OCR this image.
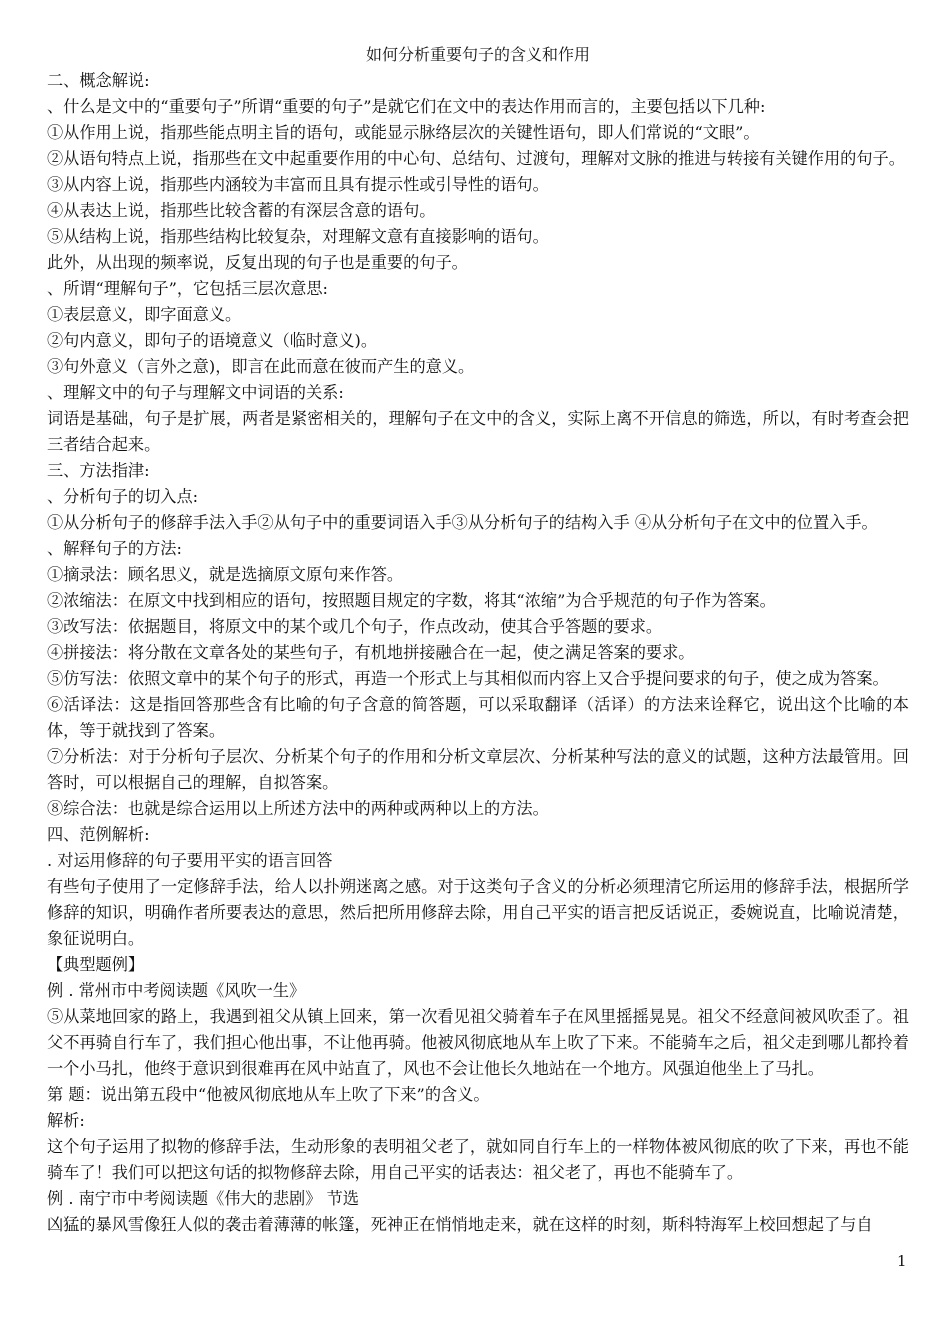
如何分析重要句子的含义和作用
二、概念解说:
、什么是文中的“重要句子”所谓“重要的句子”是就它们在文中的表达作用而言的，主要包括以下几种:
①从作用上说，指那些能点明主旨的语句，或能显示脉络层次的关键性语句，即人们常说的“文眼”。
②从语句特点上说，指那些在文中起重要作用的中心句、总结句、过渡句，理解对文脉的推进与转接有关键作用的句子。
③从内容上说，指那些内涵较为丰富而且具有提示性或引导性的语句。
④从表达上说，指那些比较含蓄的有深层含意的语句。
⑤从结构上说，指那些结构比较复杂，对理解文意有直接影响的语句。
此外，从出现的频率说，反复出现的句子也是重要的句子。
、所谓“理解句子”，它包括三层次意思:
①表层意义，即字面意义。
②句内意义，即句子的语境意义（临时意义)。
③句外意义（言外之意)，即言在此而意在彼而产生的意义。
、理解文中的句子与理解文中词语的关系:
词语是基础，句子是扩展，两者是紧密相关的，理解句子在文中的含义，实际上离不开信息的筛选，所以，有时考查会把三者结合起来。
三、方法指津:
、分析句子的切入点:
①从分析句子的修辞手法入手②从句子中的重要词语入手③从分析句子的结构入手 ④从分析句子在文中的位置入手。
、解释句子的方法:
①摘录法：顾名思义，就是选摘原文原句来作答。
②浓缩法：在原文中找到相应的语句，按照题目规定的字数，将其“浓缩”为合乎规范的句子作为答案。
③改写法：依据题目，将原文中的某个或几个句子，作点改动，使其合乎答题的要求。
④拼接法：将分散在文章各处的某些句子，有机地拼接融合在一起，使之满足答案的要求。
⑤仿写法：依照文章中的某个句子的形式，再造一个形式上与其相似而内容上又合乎提问要求的句子，使之成为答案。
⑥活译法：这是指回答那些含有比喻的句子含意的简答题，可以采取翻译（活译）的方法来诠释它，说出这个比喻的本体，等于就找到了答案。
⑦分析法：对于分析句子层次、分析某个句子的作用和分析文章层次、分析某种写法的意义的试题，这种方法最管用。回答时，可以根据自己的理解，自拟答案。
⑧综合法：也就是综合运用以上所述方法中的两种或两种以上的方法。
四、范例解析:
. 对运用修辞的句子要用平实的语言回答
有些句子使用了一定修辞手法，给人以扑朔迷离之感。对于这类句子含义的分析必须理清它所运用的修辞手法，根据所学修辞的知识，明确作者所要表达的意思，然后把所用修辞去除，用自己平实的语言把反话说正，委婉说直，比喻说清楚，象征说明白。
【典型题例】
例 . 常州市中考阅读题《风吹一生》
⑤从菜地回家的路上，我遇到祖父从镇上回来，第一次看见祖父骑着车子在风里摇摇晃晃。祖父不经意间被风吹歪了。祖父不再骑自行车了，我们担心他出事，不让他再骑。他被风彻底地从车上吹了下来。不能骑车之后，祖父走到哪儿都拎着一个小马扎，他终于意识到很难再在风中站直了，风也不会让他长久地站在一个地方。风强迫他坐上了马扎。
第 题：说出第五段中“他被风彻底地从车上吹了下来”的含义。
解析:
这个句子运用了拟物的修辞手法，生动形象的表明祖父老了，就如同自行车上的一样物体被风彻底的吹了下来，再也不能骑车了！我们可以把这句话的拟物修辞去除，用自己平实的话表达：祖父老了，再也不能骑车了。
例 . 南宁市中考阅读题《伟大的悲剧》 节选
凶猛的暴风雪像狂人似的袭击着薄薄的帐篷，死神正在悄悄地走来，就在这样的时刻，斯科特海军上校回想起了与自
1
